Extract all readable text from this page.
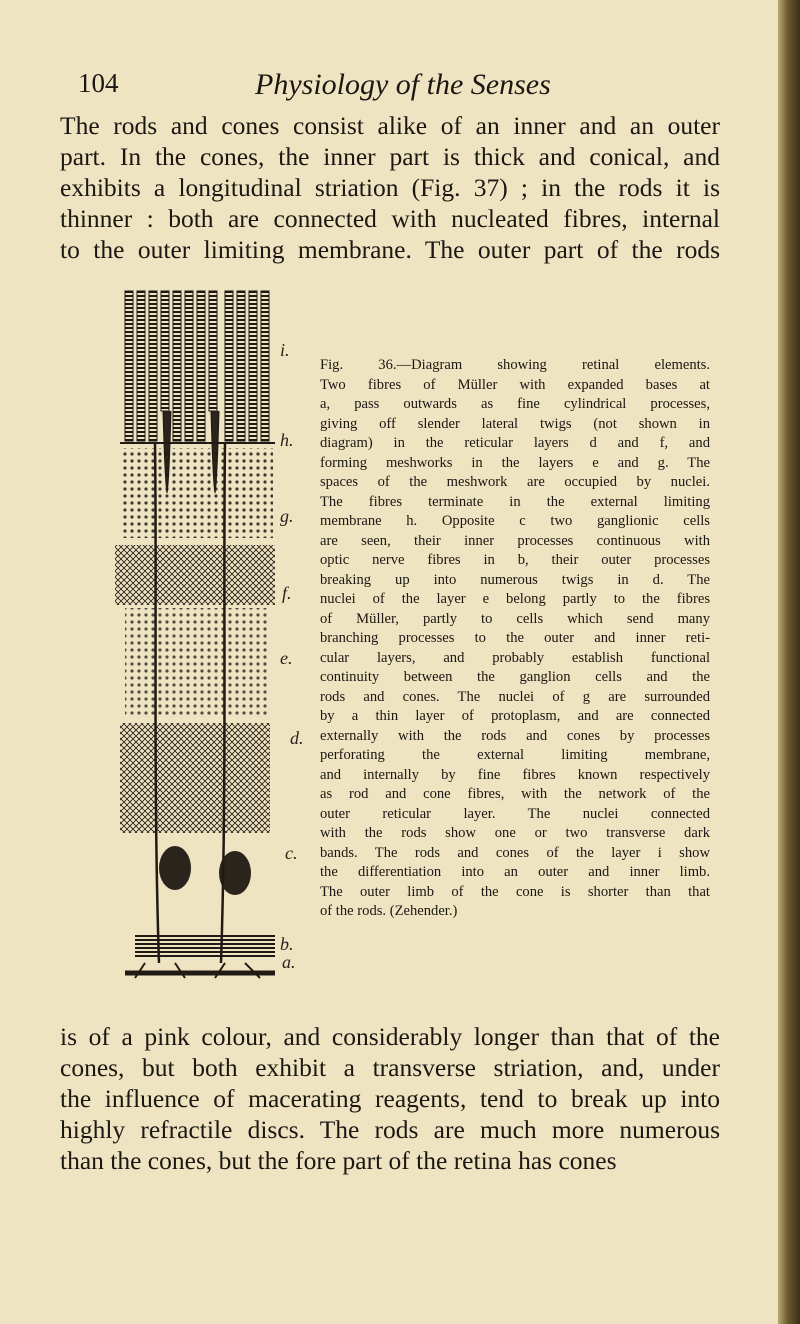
104	Physiology of the Senses

The rods and cones consist alike of an inner and an outer
part. In the cones, the inner part is thick and conical, and
exhibits a longitudinal striation (Fig. 37) ; in the rods it is
thinner : both are connected with nucleated fibres, internal
to the outer limiting membrane. The outer part of the rods

i.
h.
g.
f.
e.
d.
c.
b.
a.

Fig. 36.—Diagram showing retinal elements.
Two fibres of Müller with expanded bases at
a, pass outwards as fine cylindrical processes,
giving off slender lateral twigs (not shown in
diagram) in the reticular layers d and f, and
forming meshworks in the layers e and g. The
spaces of the meshwork are occupied by nuclei.
The fibres terminate in the external limiting
membrane h. Opposite c two ganglionic cells
are seen, their inner processes continuous with
optic nerve fibres in b, their outer processes
breaking up into numerous twigs in d. The
nuclei of the layer e belong partly to the fibres
of Müller, partly to cells which send many
branching processes to the outer and inner reti-
cular layers, and probably establish functional
continuity between the ganglion cells and the
rods and cones. The nuclei of g are surrounded
by a thin layer of protoplasm, and are connected
externally with the rods and cones by processes
perforating the external limiting membrane,
and internally by fine fibres known respectively
as rod and cone fibres, with the network of the
outer reticular layer. The nuclei connected
with the rods show one or two transverse dark
bands. The rods and cones of the layer i show
the differentiation into an outer and inner limb.
The outer limb of the cone is shorter than that
of the rods. (Zehender.)

is of a pink colour, and considerably longer than that of the
cones, but both exhibit a transverse striation, and, under
the influence of macerating reagents, tend to break up into
highly refractile discs. The rods are much more numerous
than the cones, but the fore part of the retina has cones
